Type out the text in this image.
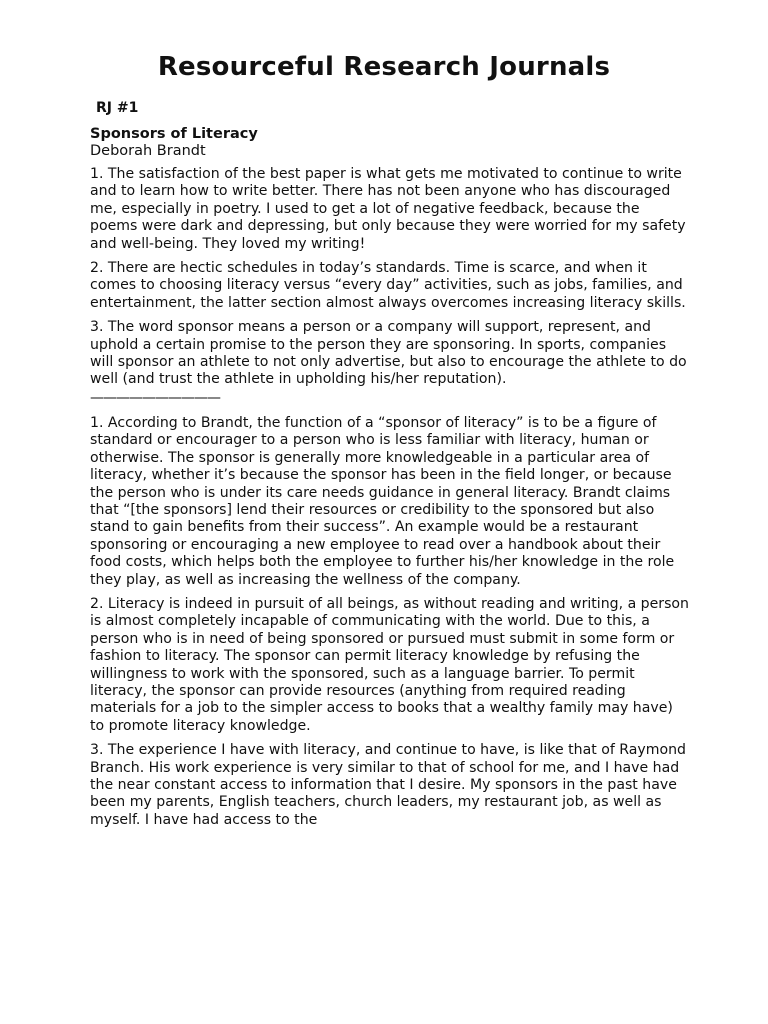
Resourceful Research Journals
RJ #1
Sponsors of Literacy
Deborah Brandt
1. The satisfaction of the best paper is what gets me motivated to continue to write and to learn how to write better. There has not been anyone who has discouraged me, especially in poetry. I used to get a lot of negative feedback, because the poems were dark and depressing, but only because they were worried for my safety and well-being. They loved my writing!
2. There are hectic schedules in today’s standards. Time is scarce, and when it comes to choosing literacy versus “every day” activities, such as jobs, families, and entertainment, the latter section almost always overcomes increasing literacy skills.
3. The word sponsor means a person or a company will support, represent, and uphold a certain promise to the person they are sponsoring. In sports, companies will sponsor an athlete to not only advertise, but also to encourage the athlete to do well (and trust the athlete in upholding his/her reputation).
——————————
1. According to Brandt, the function of a “sponsor of literacy” is to be a figure of standard or encourager to a person who is less familiar with literacy, human or otherwise. The sponsor is generally more knowledgeable in a particular area of literacy, whether it’s because the sponsor has been in the field longer, or because the person who is under its care needs guidance in general literacy. Brandt claims that “[the sponsors] lend their resources or credibility to the sponsored but also stand to gain benefits from their success”. An example would be a restaurant sponsoring or encouraging a new employee to read over a handbook about their food costs, which helps both the employee to further his/her knowledge in the role they play, as well as increasing the wellness of the company.
2. Literacy is indeed in pursuit of all beings, as without reading and writing, a person is almost completely incapable of communicating with the world. Due to this, a person who is in need of being sponsored or pursued must submit in some form or fashion to literacy. The sponsor can permit literacy knowledge by refusing the willingness to work with the sponsored, such as a language barrier. To permit literacy, the sponsor can provide resources (anything from required reading materials for a job to the simpler access to books that a wealthy family may have) to promote literacy knowledge.
3. The experience I have with literacy, and continue to have, is like that of Raymond Branch. His work experience is very similar to that of school for me, and I have had the near constant access to information that I desire. My sponsors in the past have been my parents, English teachers, church leaders, my restaurant job, as well as myself. I have had access to the
